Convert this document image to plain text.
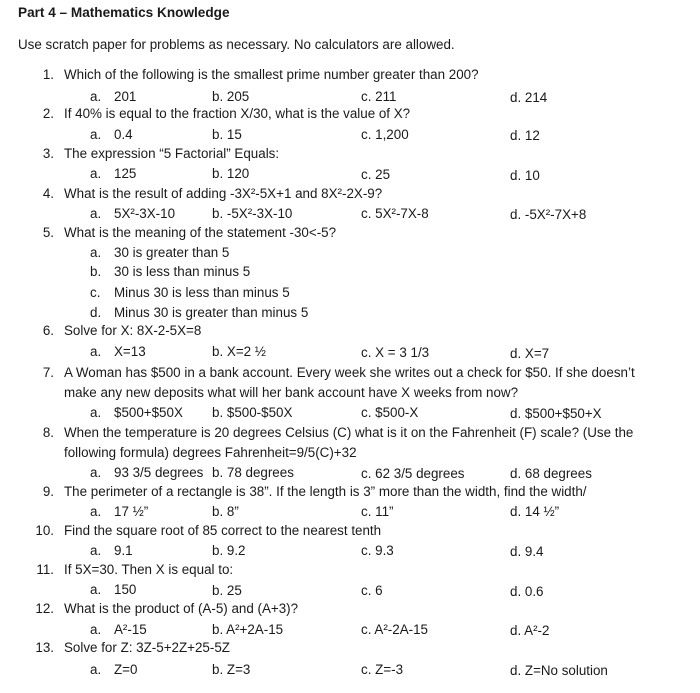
Part 4 – Mathematics Knowledge
Use scratch paper for problems as necessary. No calculators are allowed.
1. Which of the following is the smallest prime number greater than 200?
a. 201	b. 205	c. 211	d. 214
2. If 40% is equal to the fraction X/30, what is the value of X?
a. 0.4	b. 15	c. 1,200	d. 12
3. The expression “5 Factorial” Equals:
a. 125	b. 120	c. 25	d. 10
4. What is the result of adding -3X²-5X+1 and 8X²-2X-9?
a. 5X²-3X-10	b. -5X²-3X-10	c. 5X²-7X-8	d. -5X²-7X+8
5. What is the meaning of the statement -30<-5?
a. 30 is greater than 5
b. 30 is less than minus 5
c. Minus 30 is less than minus 5
d. Minus 30 is greater than minus 5
6. Solve for X: 8X-2-5X=8
a. X=13	b. X=2 ½	c. X = 3 1/3	d. X=7
7. A Woman has $500 in a bank account. Every week she writes out a check for $50. If she doesn’t
make any new deposits what will her bank account have X weeks from now?
a. $500+$50X b. $500-$50X	c. $500-X	d. $500+$50+X
8. When the temperature is 20 degrees Celsius (C) what is it on the Fahrenheit (F) scale? (Use the
following formula) degrees Fahrenheit=9/5(C)+32
a. 93 3/5 degrees b. 78 degrees	c. 62 3/5 degrees	d. 68 degrees
9. The perimeter of a rectangle is 38”. If the length is 3” more than the width, find the width/
a. 17 ½”	b. 8”	c. 11”	d. 14 ½”
10. Find the square root of 85 correct to the nearest tenth
a. 9.1	b. 9.2	c. 9.3	d. 9.4
11. If 5X=30. Then X is equal to:
a. 150	b. 25	c. 6	d. 0.6
12. What is the product of (A-5) and (A+3)?
a. A²-15	b. A²+2A-15	c. A²-2A-15	d. A²-2
13. Solve for Z: 3Z-5+2Z+25-5Z
a. Z=0	b. Z=3	c. Z=-3	d. Z=No solution
